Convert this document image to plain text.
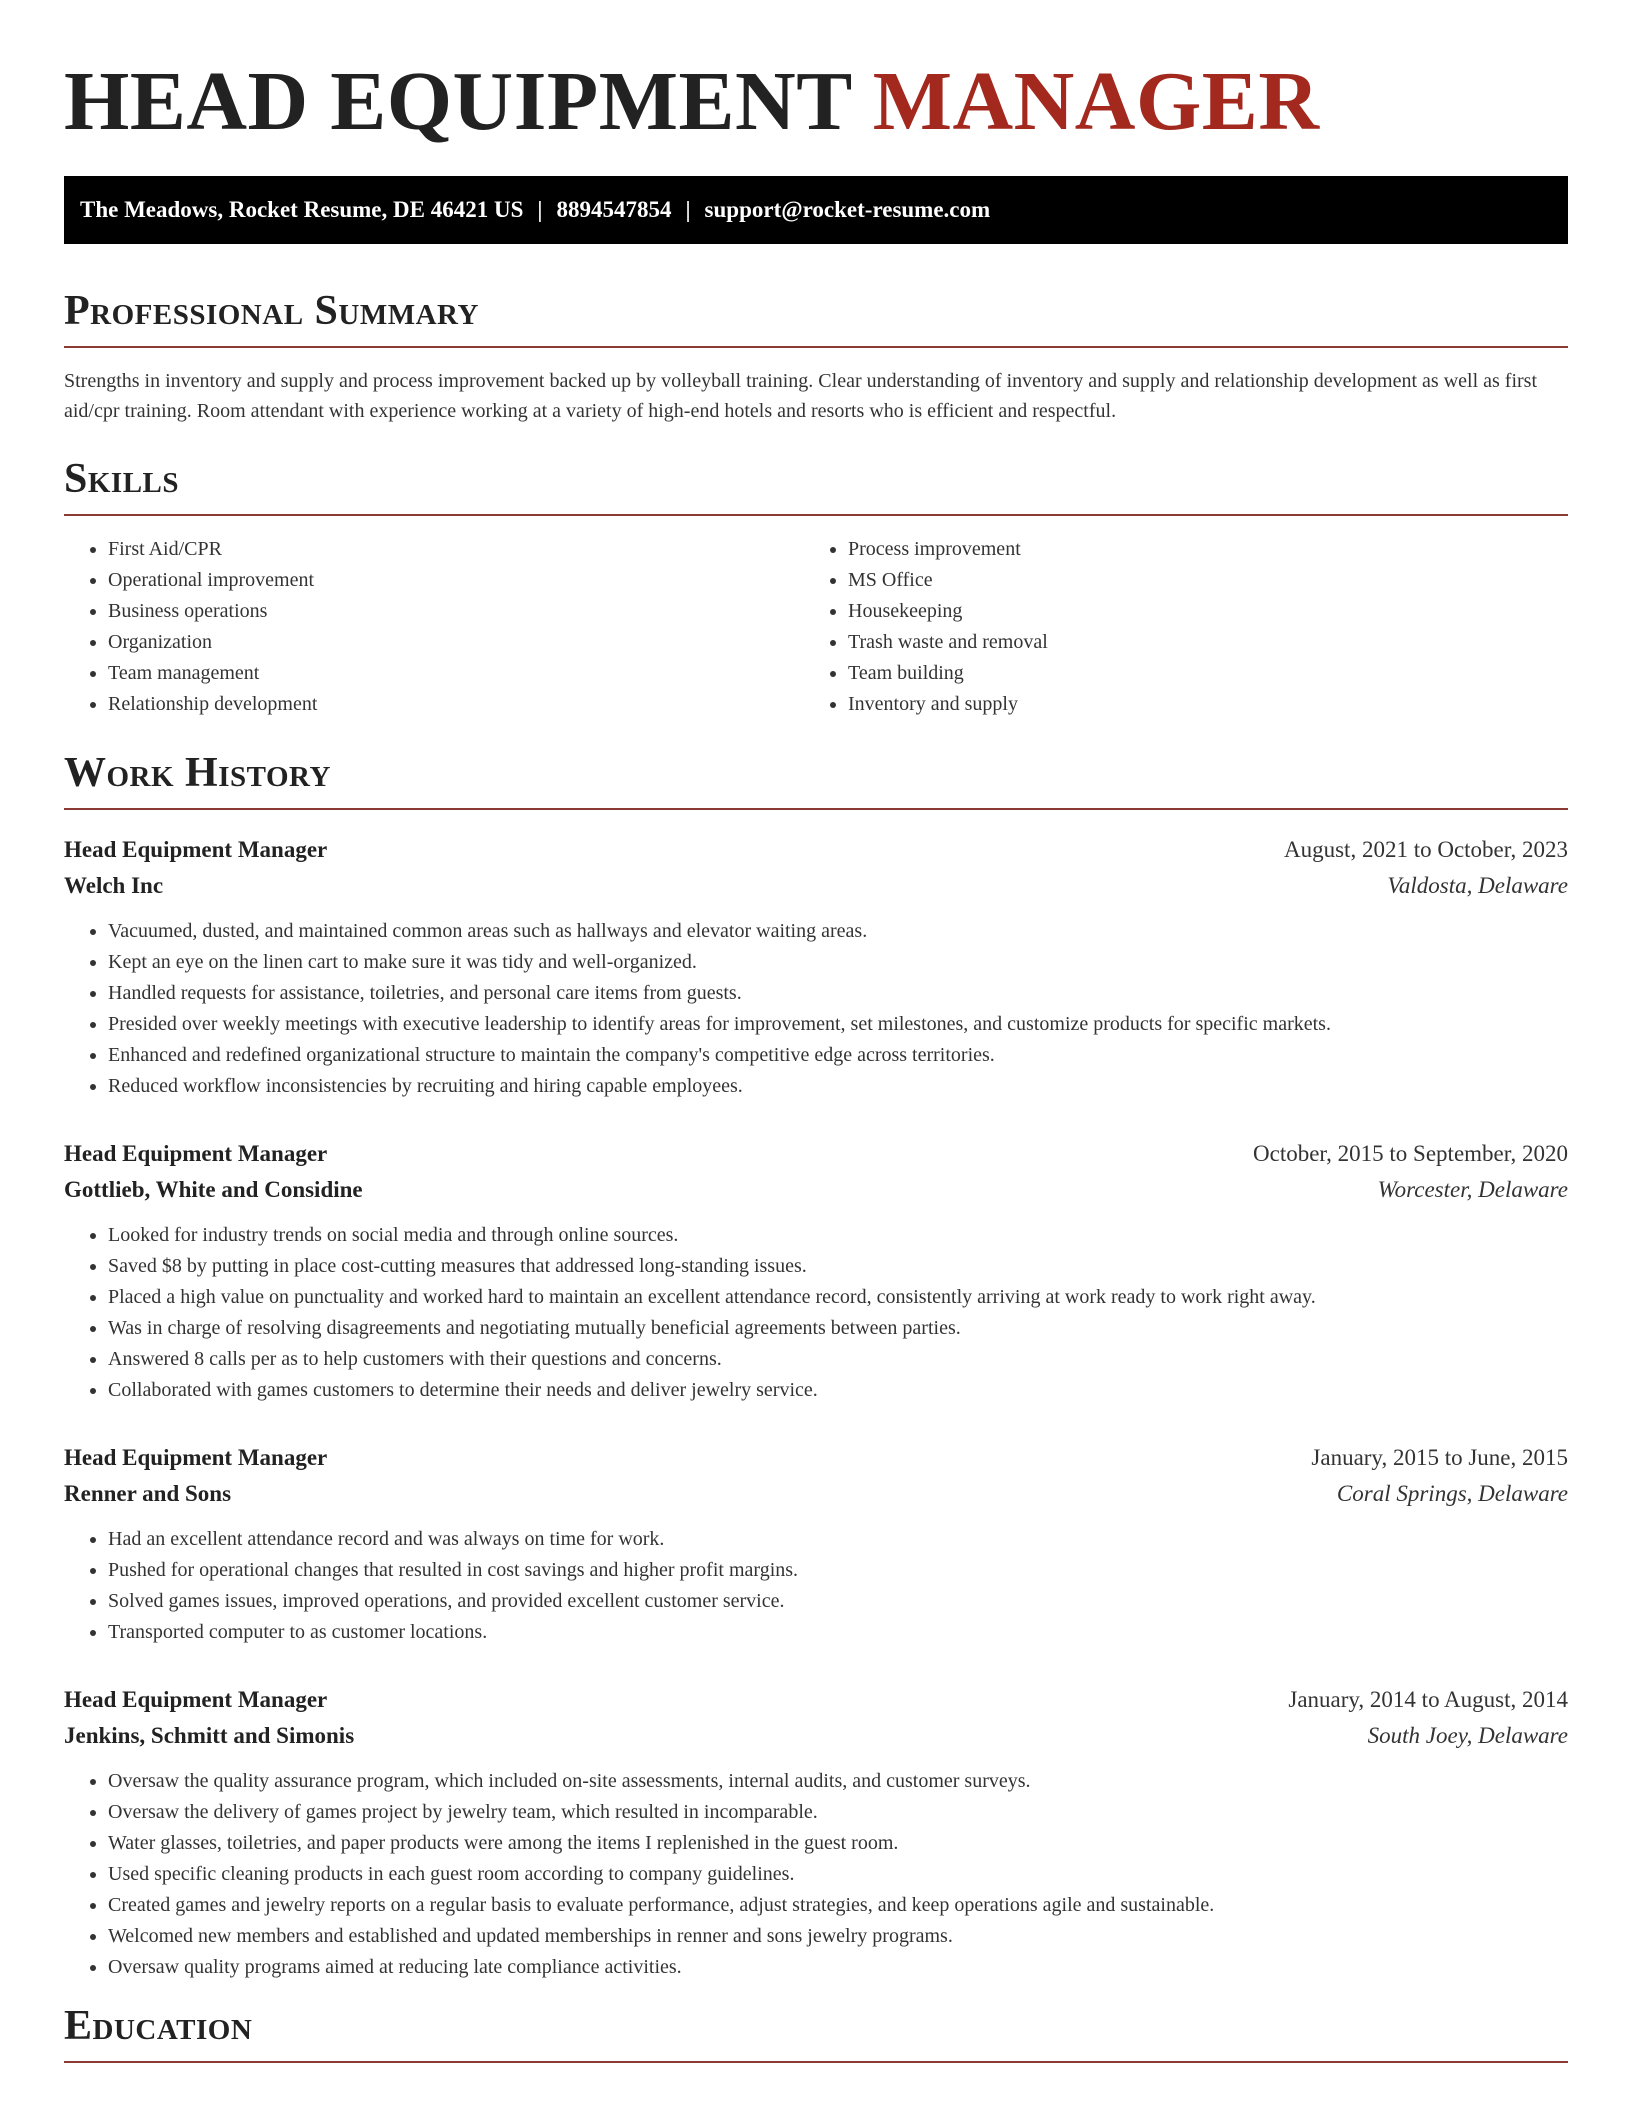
HEAD EQUIPMENT MANAGER
The Meadows, Rocket Resume, DE 46421 US | 8894547854 | support@rocket-resume.com
Professional Summary

Strengths in inventory and supply and process improvement backed up by volleyball training. Clear understanding of inventory and supply and relationship development as well as first aid/cpr training. Room attendant with experience working at a variety of high-end hotels and resorts who is efficient and respectful.

Skills
• First Aid/CPR
• Operational improvement
• Business operations
• Organization
• Team management
• Relationship development
• Process improvement
• MS Office
• Housekeeping
• Trash waste and removal
• Team building
• Inventory and supply
Work History
Head Equipment Manager	August, 2021 to October, 2023
Welch Inc	Valdosta, Delaware
• Vacuumed, dusted, and maintained common areas such as hallways and elevator waiting areas.
• Kept an eye on the linen cart to make sure it was tidy and well-organized.
• Handled requests for assistance, toiletries, and personal care items from guests.
• Presided over weekly meetings with executive leadership to identify areas for improvement, set milestones, and customize products for specific markets.
• Enhanced and redefined organizational structure to maintain the company's competitive edge across territories.
• Reduced workflow inconsistencies by recruiting and hiring capable employees.
Head Equipment Manager	October, 2015 to September, 2020
Gottlieb, White and Considine	Worcester, Delaware
• Looked for industry trends on social media and through online sources.
• Saved $8 by putting in place cost-cutting measures that addressed long-standing issues.
• Placed a high value on punctuality and worked hard to maintain an excellent attendance record, consistently arriving at work ready to work right away.
• Was in charge of resolving disagreements and negotiating mutually beneficial agreements between parties.
• Answered 8 calls per as to help customers with their questions and concerns.
• Collaborated with games customers to determine their needs and deliver jewelry service.
Head Equipment Manager	January, 2015 to June, 2015
Renner and Sons	Coral Springs, Delaware
• Had an excellent attendance record and was always on time for work.
• Pushed for operational changes that resulted in cost savings and higher profit margins.
• Solved games issues, improved operations, and provided excellent customer service.
• Transported computer to as customer locations.
Head Equipment Manager	January, 2014 to August, 2014
Jenkins, Schmitt and Simonis	South Joey, Delaware
• Oversaw the quality assurance program, which included on-site assessments, internal audits, and customer surveys.
• Oversaw the delivery of games project by jewelry team, which resulted in incomparable.
• Water glasses, toiletries, and paper products were among the items I replenished in the guest room.
• Used specific cleaning products in each guest room according to company guidelines.
• Created games and jewelry reports on a regular basis to evaluate performance, adjust strategies, and keep operations agile and sustainable.
• Welcomed new members and established and updated memberships in renner and sons jewelry programs.
• Oversaw quality programs aimed at reducing late compliance activities.
Education
